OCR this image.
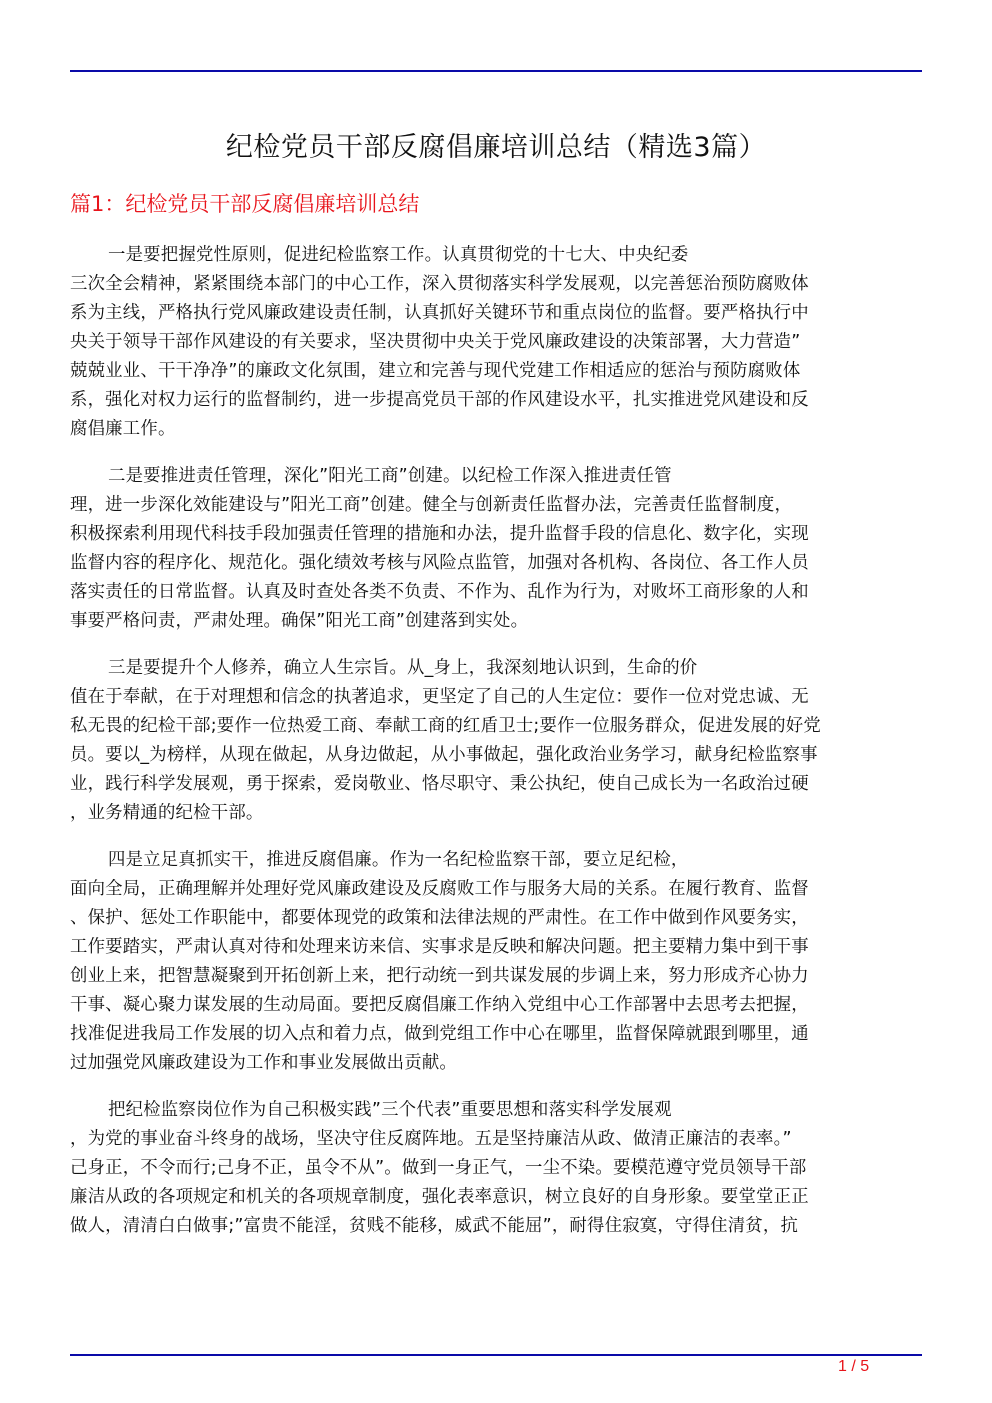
纪检党员干部反腐倡廉培训总结（精选3篇）
篇1：纪检党员干部反腐倡廉培训总结
一是要把握党性原则，促进纪检监察工作。认真贯彻党的十七大、中央纪委
三次全会精神，紧紧围绕本部门的中心工作，深入贯彻落实科学发展观，以完善惩治预防腐败体
系为主线，严格执行党风廉政建设责任制，认真抓好关键环节和重点岗位的监督。要严格执行中
央关于领导干部作风建设的有关要求，坚决贯彻中央关于党风廉政建设的决策部署，大力营造”
兢兢业业、干干净净”的廉政文化氛围，建立和完善与现代党建工作相适应的惩治与预防腐败体
系，强化对权力运行的监督制约，进一步提高党员干部的作风建设水平，扎实推进党风建设和反
腐倡廉工作。
二是要推进责任管理，深化”阳光工商”创建。以纪检工作深入推进责任管
理，进一步深化效能建设与”阳光工商”创建。健全与创新责任监督办法，完善责任监督制度，
积极探索利用现代科技手段加强责任管理的措施和办法，提升监督手段的信息化、数字化，实现
监督内容的程序化、规范化。强化绩效考核与风险点监管，加强对各机构、各岗位、各工作人员
落实责任的日常监督。认真及时查处各类不负责、不作为、乱作为行为，对败坏工商形象的人和
事要严格问责，严肃处理。确保”阳光工商”创建落到实处。
三是要提升个人修养，确立人生宗旨。从_身上，我深刻地认识到，生命的价
值在于奉献，在于对理想和信念的执著追求，更坚定了自己的人生定位：要作一位对党忠诚、无
私无畏的纪检干部;要作一位热爱工商、奉献工商的红盾卫士;要作一位服务群众，促进发展的好党
员。要以_为榜样，从现在做起，从身边做起，从小事做起，强化政治业务学习，献身纪检监察事
业，践行科学发展观，勇于探索，爱岗敬业、恪尽职守、秉公执纪，使自己成长为一名政治过硬
，业务精通的纪检干部。
四是立足真抓实干，推进反腐倡廉。作为一名纪检监察干部，要立足纪检，
面向全局，正确理解并处理好党风廉政建设及反腐败工作与服务大局的关系。在履行教育、监督
、保护、惩处工作职能中，都要体现党的政策和法律法规的严肃性。在工作中做到作风要务实，
工作要踏实，严肃认真对待和处理来访来信、实事求是反映和解决问题。把主要精力集中到干事
创业上来，把智慧凝聚到开拓创新上来，把行动统一到共谋发展的步调上来，努力形成齐心协力
干事、凝心聚力谋发展的生动局面。要把反腐倡廉工作纳入党组中心工作部署中去思考去把握，
找准促进我局工作发展的切入点和着力点，做到党组工作中心在哪里，监督保障就跟到哪里，通
过加强党风廉政建设为工作和事业发展做出贡献。
把纪检监察岗位作为自己积极实践”三个代表”重要思想和落实科学发展观
，为党的事业奋斗终身的战场，坚决守住反腐阵地。五是坚持廉洁从政、做清正廉洁的表率。”
己身正，不令而行;己身不正，虽令不从”。做到一身正气，一尘不染。要模范遵守党员领导干部
廉洁从政的各项规定和机关的各项规章制度，强化表率意识，树立良好的自身形象。要堂堂正正
做人，清清白白做事;”富贵不能淫，贫贱不能移，威武不能屈”，耐得住寂寞，守得住清贫，抗
1 / 5
